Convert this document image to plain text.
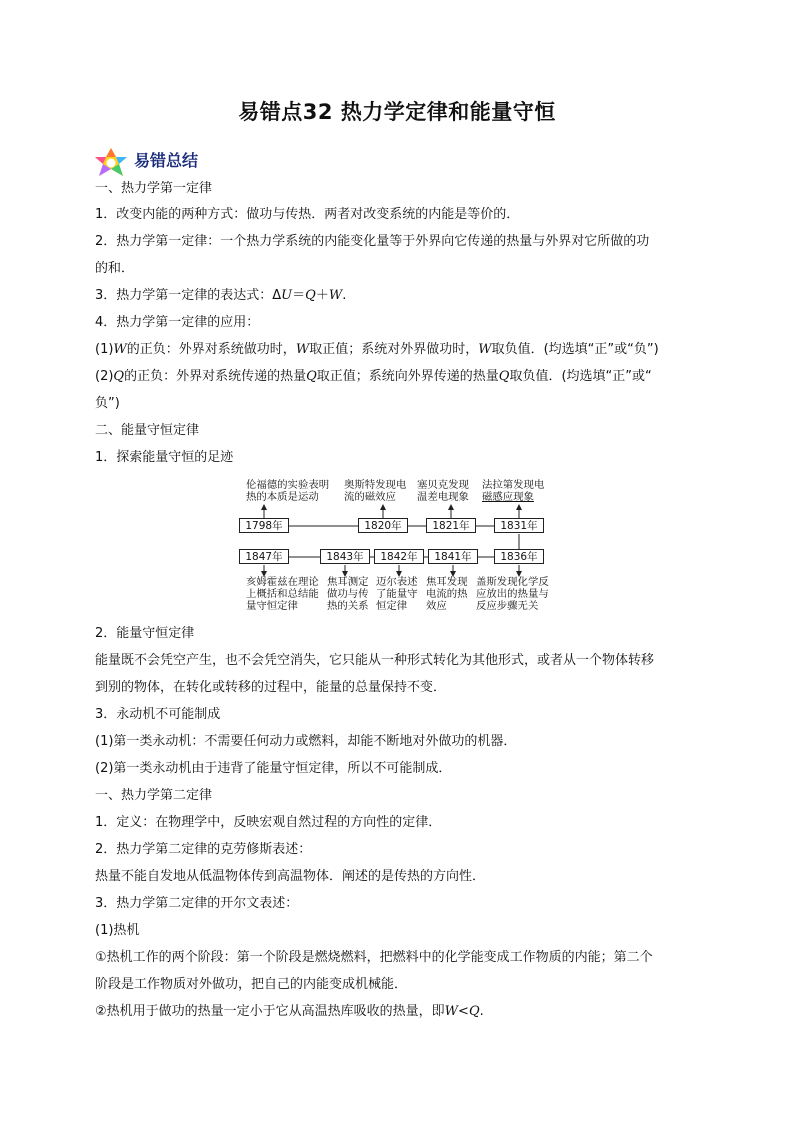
易错点32 热力学定律和能量守恒
易错总结
一、热力学第一定律
1．改变内能的两种方式：做功与传热．两者对改变系统的内能是等价的．
2．热力学第一定律：一个热力学系统的内能变化量等于外界向它传递的热量与外界对它所做的功
的和．
3．热力学第一定律的表达式：ΔU＝Q＋W.
4．热力学第一定律的应用：
(1)W的正负：外界对系统做功时，W取正值；系统对外界做功时，W取负值．(均选填“正”或“负”)
(2)Q的正负：外界对系统传递的热量Q取正值；系统向外界传递的热量Q取负值．(均选填“正”或“
负”)
二、能量守恒定律
1．探索能量守恒的足迹
伦福德的实验表明
热的本质是运动
奥斯特发现电
流的磁效应
塞贝克发现
温差电现象
法拉第发现电
磁感应现象
1798年	1820年	1821年	1831年
1847年	1843年	1842年	1841年	1836年
亥姆霍兹在理论
上概括和总结能
量守恒定律
焦耳测定
做功与传
热的关系
迈尔表述
了能量守
恒定律
焦耳发现
电流的热
效应
盖斯发现化学反
应放出的热量与
反应步骤无关
2．能量守恒定律
能量既不会凭空产生，也不会凭空消失，它只能从一种形式转化为其他形式，或者从一个物体转移
到别的物体，在转化或转移的过程中，能量的总量保持不变．
3．永动机不可能制成
(1)第一类永动机：不需要任何动力或燃料，却能不断地对外做功的机器．
(2)第一类永动机由于违背了能量守恒定律，所以不可能制成．
一、热力学第二定律
1．定义：在物理学中，反映宏观自然过程的方向性的定律．
2．热力学第二定律的克劳修斯表述：
热量不能自发地从低温物体传到高温物体．阐述的是传热的方向性．
3．热力学第二定律的开尔文表述：
(1)热机
①热机工作的两个阶段：第一个阶段是燃烧燃料，把燃料中的化学能变成工作物质的内能；第二个
阶段是工作物质对外做功，把自己的内能变成机械能．
②热机用于做功的热量一定小于它从高温热库吸收的热量，即W<Q.
